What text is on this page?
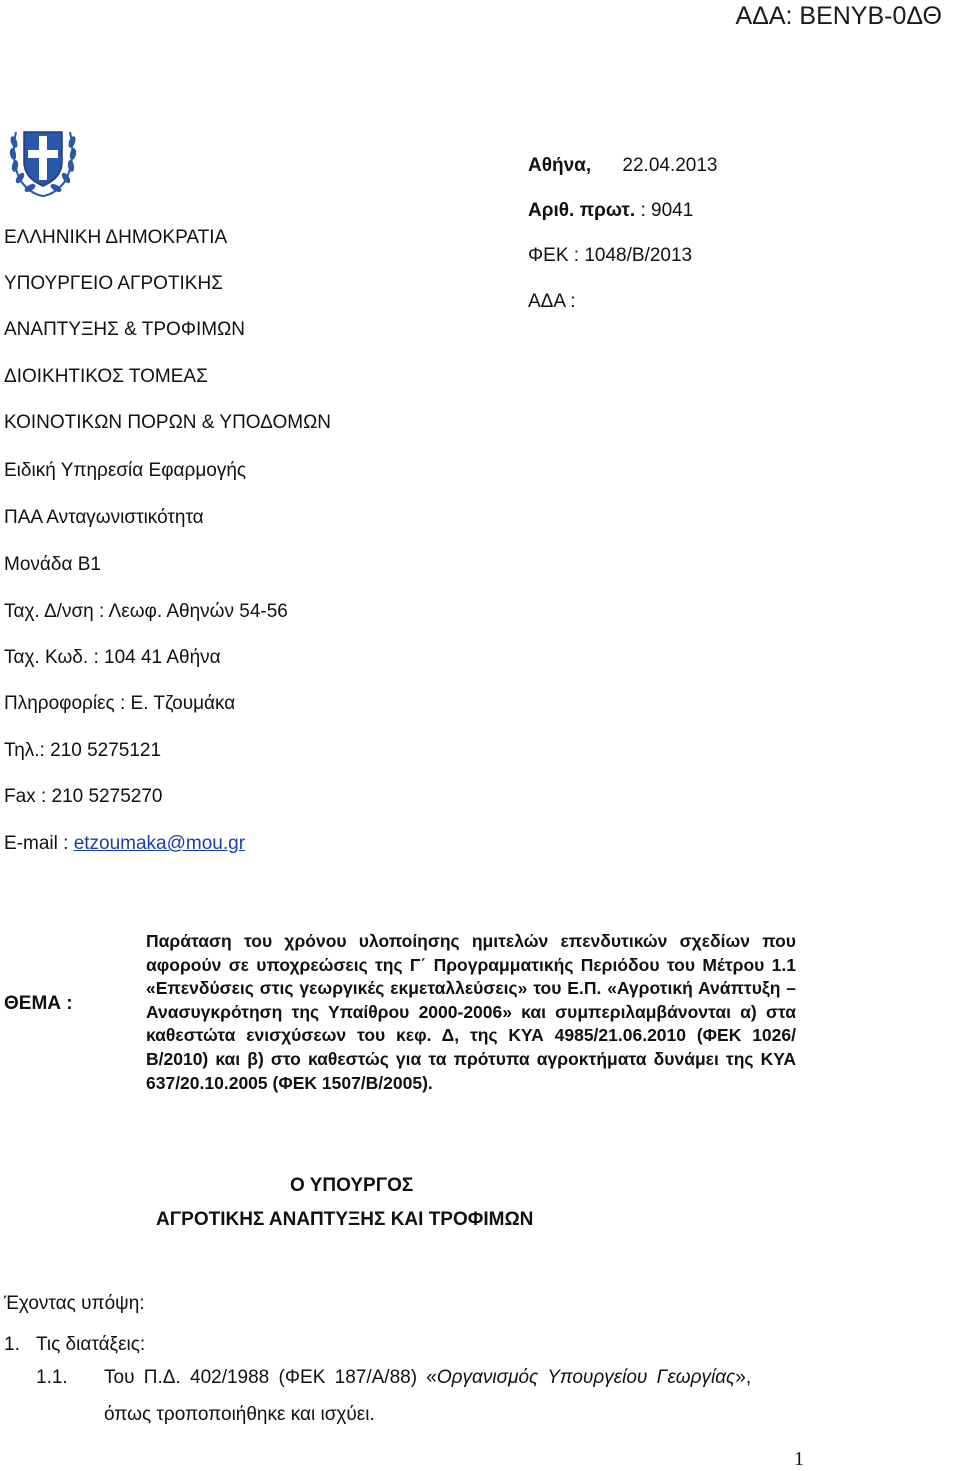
ΑΔΑ: ΒΕΝΥΒ-0ΔΘ
ΕΛΛΗΝΙΚΗ ΔΗΜΟΚΡΑΤΙΑ
ΥΠΟΥΡΓΕΙΟ ΑΓΡΟΤΙΚΗΣ
ΑΝΑΠΤΥΞΗΣ & ΤΡΟΦΙΜΩΝ
ΔΙΟΙΚΗΤΙΚΟΣ ΤΟΜΕΑΣ
ΚΟΙΝΟΤΙΚΩΝ ΠΟΡΩΝ & ΥΠΟΔΟΜΩΝ
Ειδική Υπηρεσία Εφαρμογής
ΠΑΑ Ανταγωνιστικότητα
Μονάδα Β1
Ταχ. Δ/νση : Λεωφ. Αθηνών 54-56
Ταχ. Κωδ. : 104 41 Αθήνα
Πληροφορίες : Ε. Τζουμάκα
Τηλ.: 210 5275121
Fax : 210 5275270
E-mail : etzoumaka@mou.gr
Αθήνα, 22.04.2013
Αριθ. πρωτ. : 9041
ΦΕΚ : 1048/Β/2013
ΑΔΑ :
ΘΕΜΑ :
Παράταση του χρόνου υλοποίησης ημιτελών επενδυτικών σχεδίων που αφορούν σε υποχρεώσεις της Γ΄ Προγραμματικής Περιόδου του Μέτρου 1.1 «Επενδύσεις στις γεωργικές εκμεταλλεύσεις» του Ε.Π. «Αγροτική Ανάπτυξη – Ανασυγκρότηση της Υπαίθρου 2000-2006» και συμπεριλαμβάνονται α) στα καθεστώτα ενισχύσεων του κεφ. Δ, της ΚΥΑ 4985/21.06.2010 (ΦΕΚ 1026/Β/2010) και β) στο καθεστώς για τα πρότυπα αγροκτήματα δυνάμει της ΚΥΑ 637/20.10.2005 (ΦΕΚ 1507/Β/2005).
Ο ΥΠΟΥΡΓΟΣ
ΑΓΡΟΤΙΚΗΣ ΑΝΑΠΤΥΞΗΣ ΚΑΙ ΤΡΟΦΙΜΩΝ
Έχοντας υπόψη:
1. Τις διατάξεις:
1.1. Του Π.Δ. 402/1988 (ΦΕΚ 187/Α/88) «Οργανισμός Υπουργείου Γεωργίας»,
όπως τροποποιήθηκε και ισχύει.
1
